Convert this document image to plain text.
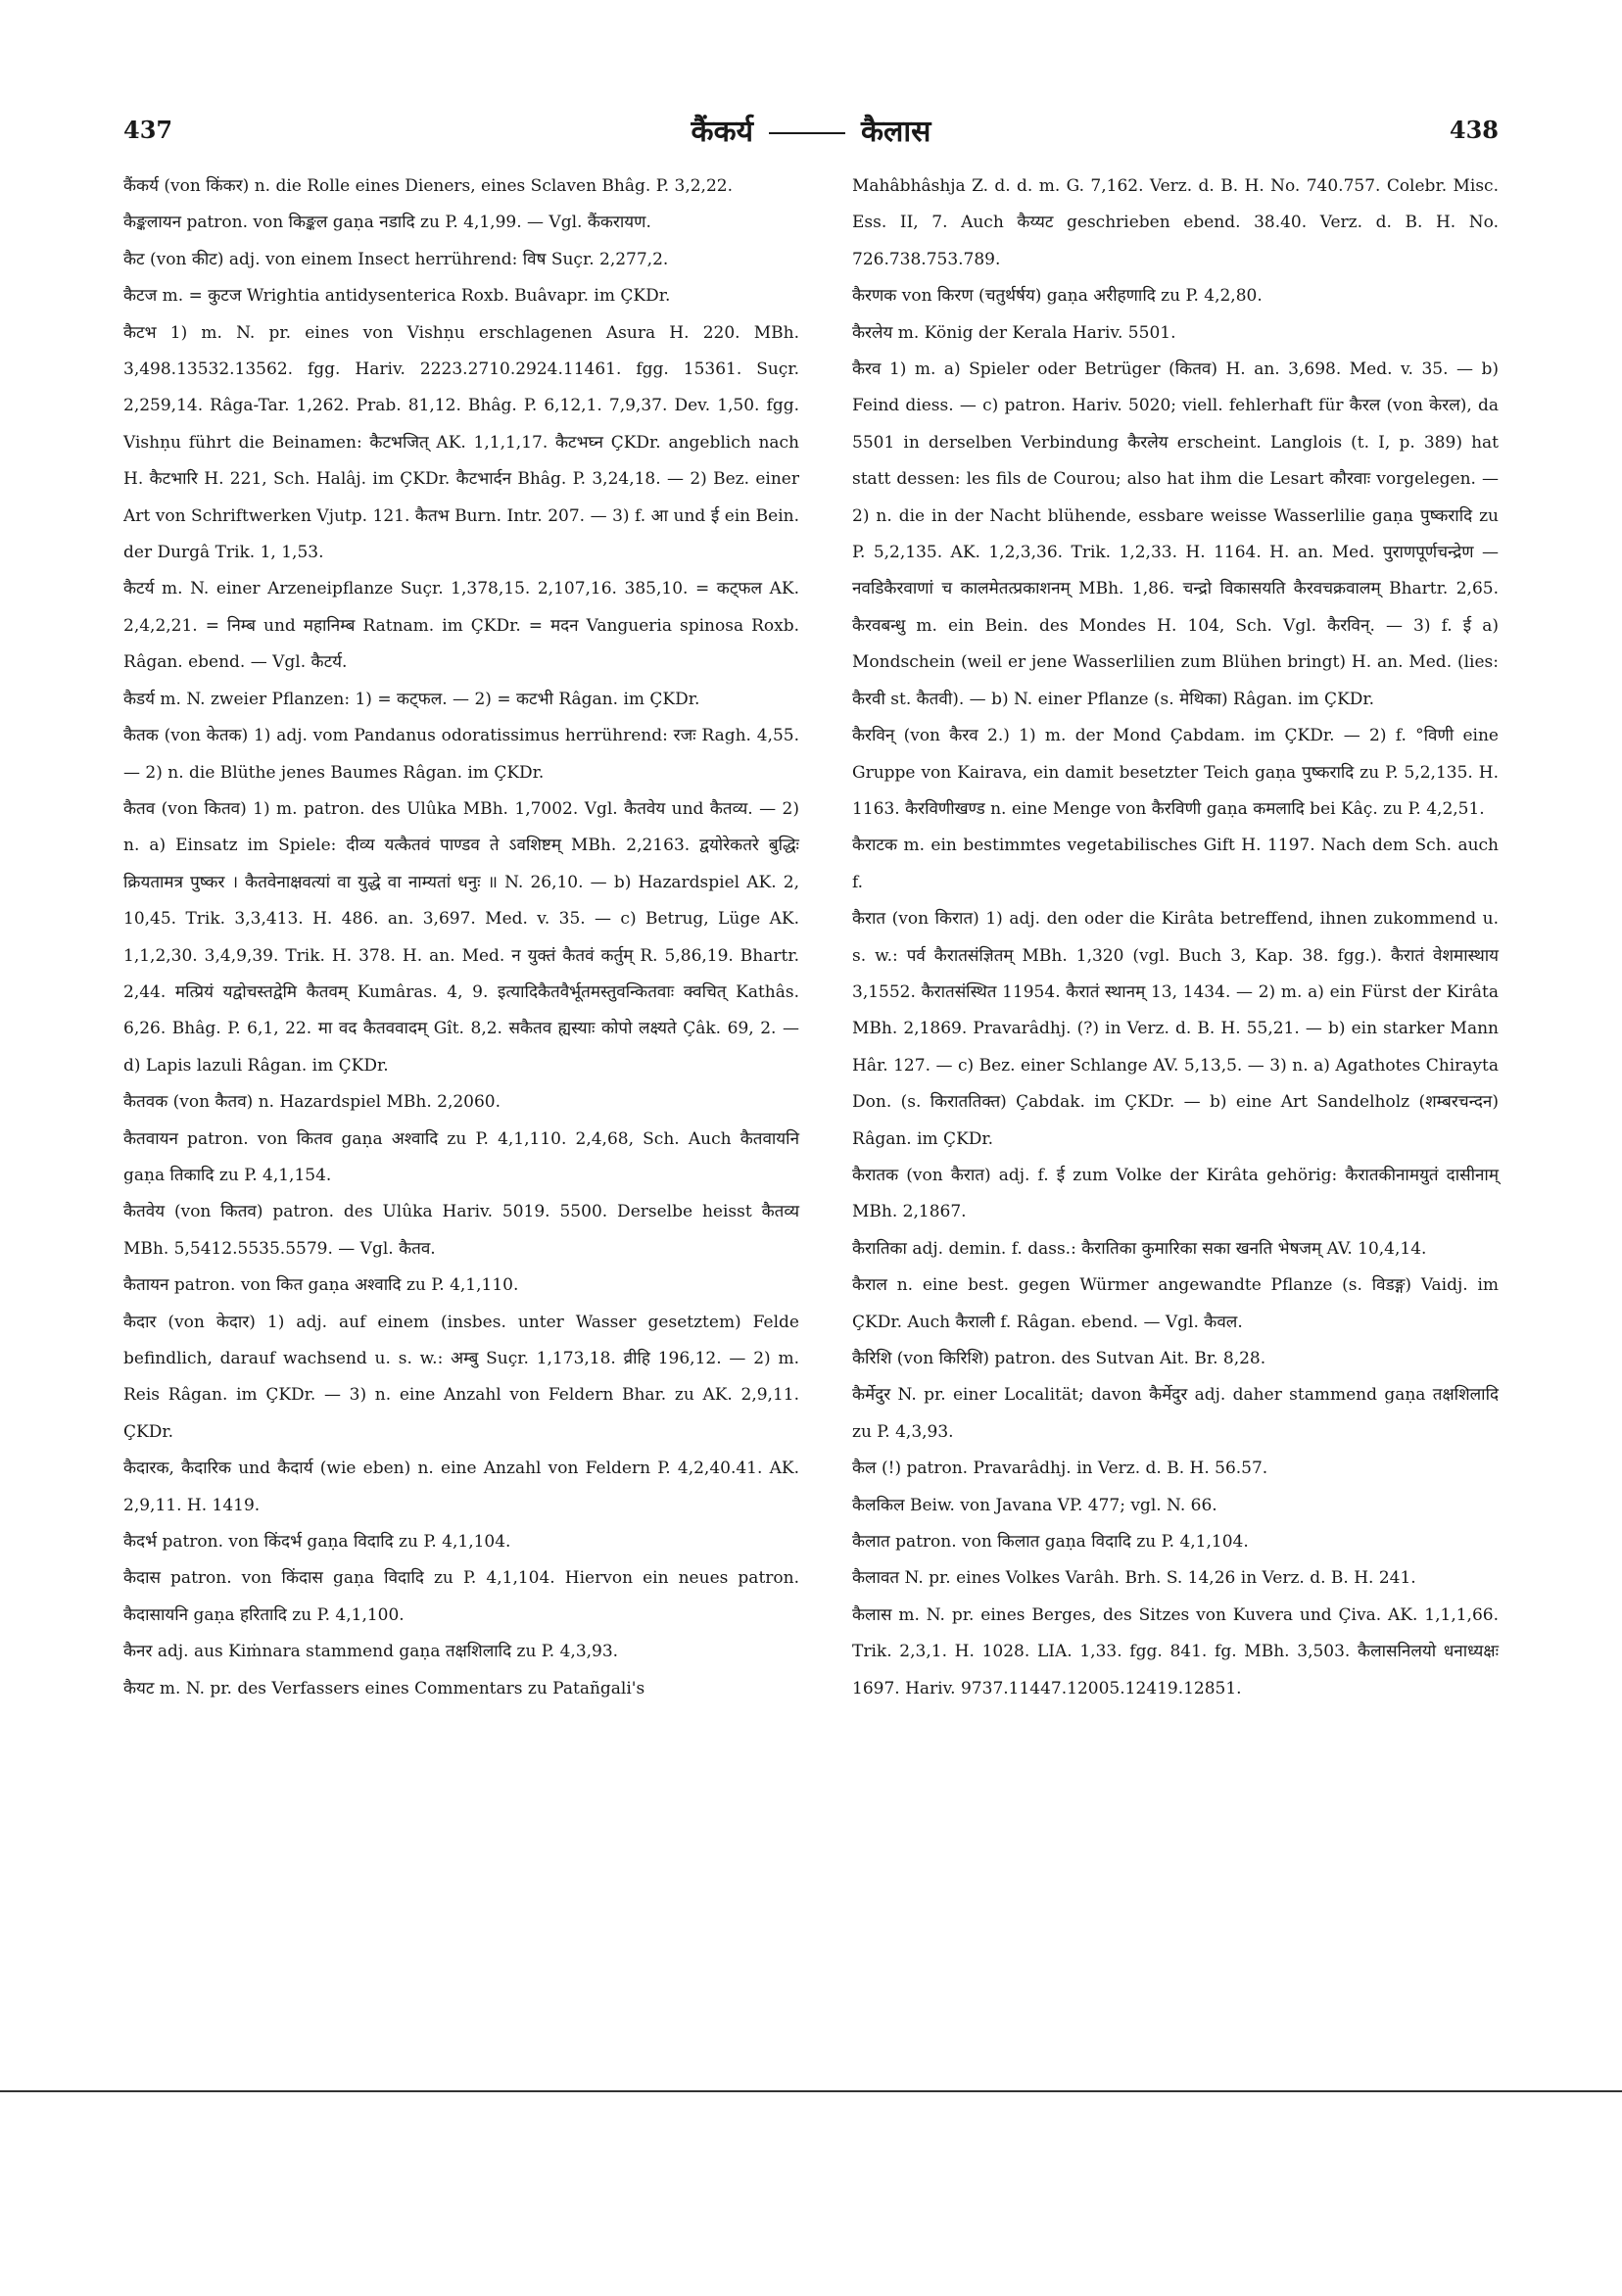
437	कैंकर्य	कैलास	438

कैंकर्य (von किंकर) n. die Rolle eines Dieners, eines Sclaven Bhâg. P. 3,2,22.

कैङ्कलायन patron. von किङ्कल gaṇa नडादि zu P. 4,1,99. — Vgl. कैंकरायण.

कैट (von कीट) adj. von einem Insect herrührend: विष Suçr. 2,277,2.

कैटज m. = कुटज Wrightia antidysenterica Roxb. Buâvapr. im ÇKDr.

कैटभ 1) m. N. pr. eines von Vishṇu erschlagenen Asura H. 220. MBh. 3,498.13532.13562. fgg. Hariv. 2223.2710.2924.11461. fgg. 15361. Suçr. 2,259,14. Râga-Tar. 1,262. Prab. 81,12. Bhâg. P. 6,12,1. 7,9,37. Dev. 1,50. fgg. Vishṇu führt die Beinamen: कैटभजित् AK. 1,1,1,17. कैटभघ्न ÇKDr. angeblich nach H. कैटभारि H. 221, Sch. Halâj. im ÇKDr. कैटभार्दन Bhâg. P. 3,24,18. — 2) Bez. einer Art von Schriftwerken Vjutp. 121. कैतभ Burn. Intr. 207. — 3) f. आ und ई ein Bein. der Durgâ Trik. 1, 1,53.

कैटर्य m. N. einer Arzeneipflanze Suçr. 1,378,15. 2,107,16. 385,10. = कट्फल AK. 2,4,2,21. = निम्ब und महानिम्ब Ratnam. im ÇKDr. = मदन Vangueria spinosa Roxb. Râgan. ebend. — Vgl. कैटर्य.

कैडर्य m. N. zweier Pflanzen: 1) = कट्फल. — 2) = कटभी Râgan. im ÇKDr.

कैतक (von केतक) 1) adj. vom Pandanus odoratissimus herrührend: रजः Ragh. 4,55. — 2) n. die Blüthe jenes Baumes Râgan. im ÇKDr.

कैतव (von कितव) 1) m. patron. des Ulûka MBh. 1,7002. Vgl. कैतवेय und कैतव्य. — 2) n. a) Einsatz im Spiele: दीव्य यत्कैतवं पाण्डव ते ऽवशिष्टम् MBh. 2,2163. द्वयोरेकतरे बुद्धिः क्रियतामत्र पुष्कर । कैतवेनाक्षवत्यां वा युद्धे वा नाम्यतां धनुः ॥ N. 26,10. — b) Hazardspiel AK. 2, 10,45. Trik. 3,3,413. H. 486. an. 3,697. Med. v. 35. — c) Betrug, Lüge AK. 1,1,2,30. 3,4,9,39. Trik. H. 378. H. an. Med. न युक्तं कैतवं कर्तुम् R. 5,86,19. Bhartr. 2,44. मत्प्रियं यद्वोचस्तद्वेमि कैतवम् Kumâras. 4, 9. इत्यादिकैतवैर्भूतमस्तुवन्कितवाः क्वचित् Kathâs. 6,26. Bhâg. P. 6,1, 22. मा वद कैतववादम् Gît. 8,2. सकैतव ह्यस्याः कोपो लक्ष्यते Çâk. 69, 2. — d) Lapis lazuli Râgan. im ÇKDr.

कैतवक (von कैतव) n. Hazardspiel MBh. 2,2060.

कैतवायन patron. von कितव gaṇa अश्वादि zu P. 4,1,110. 2,4,68, Sch. Auch कैतवायनि gaṇa तिकादि zu P. 4,1,154.

कैतवेय (von कितव) patron. des Ulûka Hariv. 5019. 5500. Derselbe heisst कैतव्य MBh. 5,5412.5535.5579. — Vgl. कैतव.

कैतायन patron. von कित gaṇa अश्वादि zu P. 4,1,110.

कैदार (von केदार) 1) adj. auf einem (insbes. unter Wasser gesetztem) Felde befindlich, darauf wachsend u. s. w.: अम्बु Suçr. 1,173,18. व्रीहि 196,12. — 2) m. Reis Râgan. im ÇKDr. — 3) n. eine Anzahl von Feldern Bhar. zu AK. 2,9,11. ÇKDr.

कैदारक, कैदारिक und कैदार्य (wie eben) n. eine Anzahl von Feldern P. 4,2,40.41. AK. 2,9,11. H. 1419.

कैदर्भ patron. von किंदर्भ gaṇa विदादि zu P. 4,1,104.

कैदास patron. von किंदास gaṇa विदादि zu P. 4,1,104. Hiervon ein neues patron. कैदासायनि gaṇa हरितादि zu P. 4,1,100.

कैनर adj. aus Kiṁnara stammend gaṇa तक्षशिलादि zu P. 4,3,93.

कैयट m. N. pr. des Verfassers eines Commentars zu Patañgali's

Mahâbhâshja Z. d. d. m. G. 7,162. Verz. d. B. H. No. 740.757. Colebr. Misc. Ess. II, 7. Auch कैय्यट geschrieben ebend. 38.40. Verz. d. B. H. No. 726.738.753.789.

कैरणक von किरण (चतुर्थर्षय) gaṇa अरीहणादि zu P. 4,2,80.

कैरलेय m. König der Kerala Hariv. 5501.

कैरव 1) m. a) Spieler oder Betrüger (कितव) H. an. 3,698. Med. v. 35. — b) Feind diess. — c) patron. Hariv. 5020; viell. fehlerhaft für कैरल (von केरल), da 5501 in derselben Verbindung कैरलेय erscheint. Langlois (t. I, p. 389) hat statt dessen: les fils de Courou; also hat ihm die Lesart कौरवाः vorgelegen. — 2) n. die in der Nacht blühende, essbare weisse Wasserlilie gaṇa पुष्करादि zu P. 5,2,135. AK. 1,2,3,36. Trik. 1,2,33. H. 1164. H. an. Med. पुराणपूर्णचन्द्रेण — नवडिकैरवाणां च कालमेतत्प्रकाशनम् MBh. 1,86. चन्द्रो विकासयति कैरवचक्रवालम् Bhartr. 2,65. कैरवबन्धु m. ein Bein. des Mondes H. 104, Sch. Vgl. कैरविन्. — 3) f. ई a) Mondschein (weil er jene Wasserlilien zum Blühen bringt) H. an. Med. (lies: कैरवी st. कैतवी). — b) N. einer Pflanze (s. मेथिका) Râgan. im ÇKDr.

कैरविन् (von कैरव 2.) 1) m. der Mond Çabdam. im ÇKDr. — 2) f. °विणी eine Gruppe von Kairava, ein damit besetzter Teich gaṇa पुष्करादि zu P. 5,2,135. H. 1163. कैरविणीखण्ड n. eine Menge von कैरविणी gaṇa कमलादि bei Kâç. zu P. 4,2,51.

कैराटक m. ein bestimmtes vegetabilisches Gift H. 1197. Nach dem Sch. auch f.

कैरात (von किरात) 1) adj. den oder die Kirâta betreffend, ihnen zukommend u. s. w.: पर्व कैरातसंज्ञितम् MBh. 1,320 (vgl. Buch 3, Kap. 38. fgg.). कैरातं वेशमास्थाय 3,1552. कैरातसंस्थित 11954. कैरातं स्थानम् 13, 1434. — 2) m. a) ein Fürst der Kirâta MBh. 2,1869. Pravarâdhj. (?) in Verz. d. B. H. 55,21. — b) ein starker Mann Hâr. 127. — c) Bez. einer Schlange AV. 5,13,5. — 3) n. a) Agathotes Chirayta Don. (s. किराततिक्त) Çabdak. im ÇKDr. — b) eine Art Sandelholz (शम्बरचन्दन) Râgan. im ÇKDr.

कैरातक (von कैरात) adj. f. ई zum Volke der Kirâta gehörig: कैरातकीनामयुतं दासीनाम् MBh. 2,1867.

कैरातिका adj. demin. f. dass.: कैरातिका कुमारिका सका खनति भेषजम् AV. 10,4,14.

कैराल n. eine best. gegen Würmer angewandte Pflanze (s. विडङ्ग) Vaidj. im ÇKDr. Auch कैराली f. Râgan. ebend. — Vgl. कैवल.

कैरिशि (von किरिशि) patron. des Sutvan Ait. Br. 8,28.

कैर्मेदुर N. pr. einer Localität; davon कैर्मेदुर adj. daher stammend gaṇa तक्षशिलादि zu P. 4,3,93.

कैल (!) patron. Pravarâdhj. in Verz. d. B. H. 56.57.

कैलकिल Beiw. von Javana VP. 477; vgl. N. 66.

कैलात patron. von किलात gaṇa विदादि zu P. 4,1,104.

कैलावत N. pr. eines Volkes Varâh. Brh. S. 14,26 in Verz. d. B. H. 241.

कैलास m. N. pr. eines Berges, des Sitzes von Kuvera und Çiva. AK. 1,1,1,66. Trik. 2,3,1. H. 1028. LIA. 1,33. fgg. 841. fg. MBh. 3,503. कैलासनिलयो धनाध्यक्षः 1697. Hariv. 9737.11447.12005.12419.12851.
